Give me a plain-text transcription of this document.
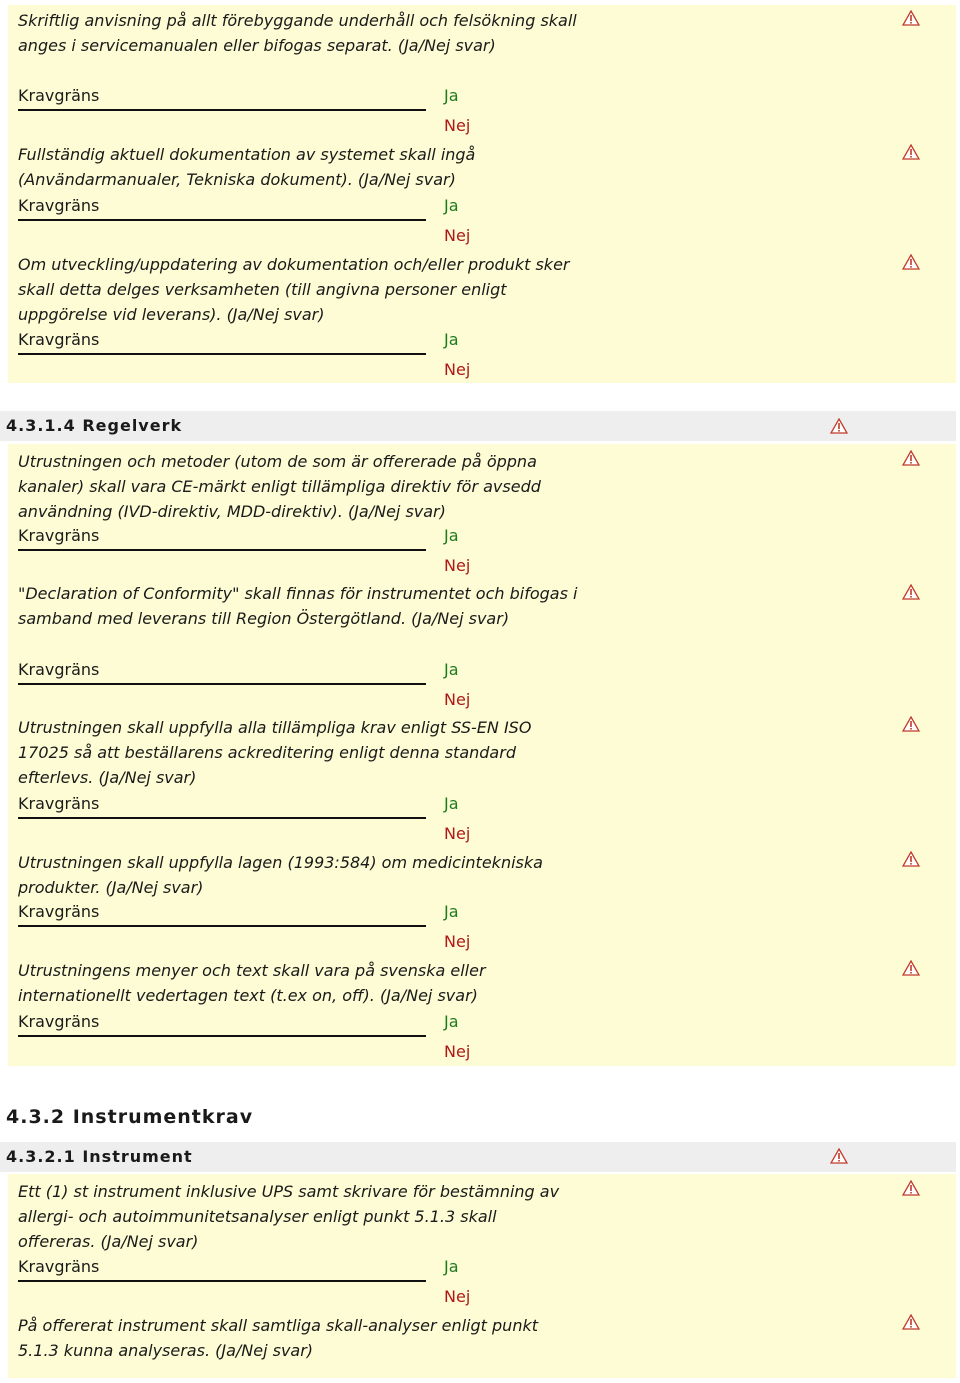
Skriftlig anvisning på allt förebyggande underhåll och felsökning skall anges i servicemanualen eller bifogas separat. (Ja/Nej svar)
Kravgräns	Ja
Nej
Fullständig aktuell dokumentation av systemet skall ingå (Användarmanualer, Tekniska dokument). (Ja/Nej svar)
Kravgräns	Ja
Nej
Om utveckling/uppdatering av dokumentation och/eller produkt sker skall detta delges verksamheten (till angivna personer enligt uppgörelse vid leverans). (Ja/Nej svar)
Kravgräns	Ja
Nej
4.3.1.4 Regelverk
Utrustningen och metoder (utom de som är offererade på öppna kanaler) skall vara CE-märkt enligt tillämpliga direktiv för avsedd användning (IVD-direktiv, MDD-direktiv). (Ja/Nej svar)
Kravgräns	Ja
Nej
"Declaration of Conformity" skall finnas för instrumentet och bifogas i samband med leverans till Region Östergötland. (Ja/Nej svar)
Kravgräns	Ja
Nej
Utrustningen skall uppfylla alla tillämpliga krav enligt SS-EN ISO 17025 så att beställarens ackreditering enligt denna standard efterlevs. (Ja/Nej svar)
Kravgräns	Ja
Nej
Utrustningen skall uppfylla lagen (1993:584) om medicintekniska produkter. (Ja/Nej svar)
Kravgräns	Ja
Nej
Utrustningens menyer och text skall vara på svenska eller internationellt vedertagen text (t.ex on, off). (Ja/Nej svar)
Kravgräns	Ja
Nej
4.3.2 Instrumentkrav
4.3.2.1 Instrument
Ett (1) st instrument inklusive UPS samt skrivare för bestämning av allergi- och autoimmunitetsanalyser enligt punkt 5.1.3 skall offereras. (Ja/Nej svar)
Kravgräns	Ja
Nej
På offererat instrument skall samtliga skall-analyser enligt punkt 5.1.3 kunna analyseras. (Ja/Nej svar)
